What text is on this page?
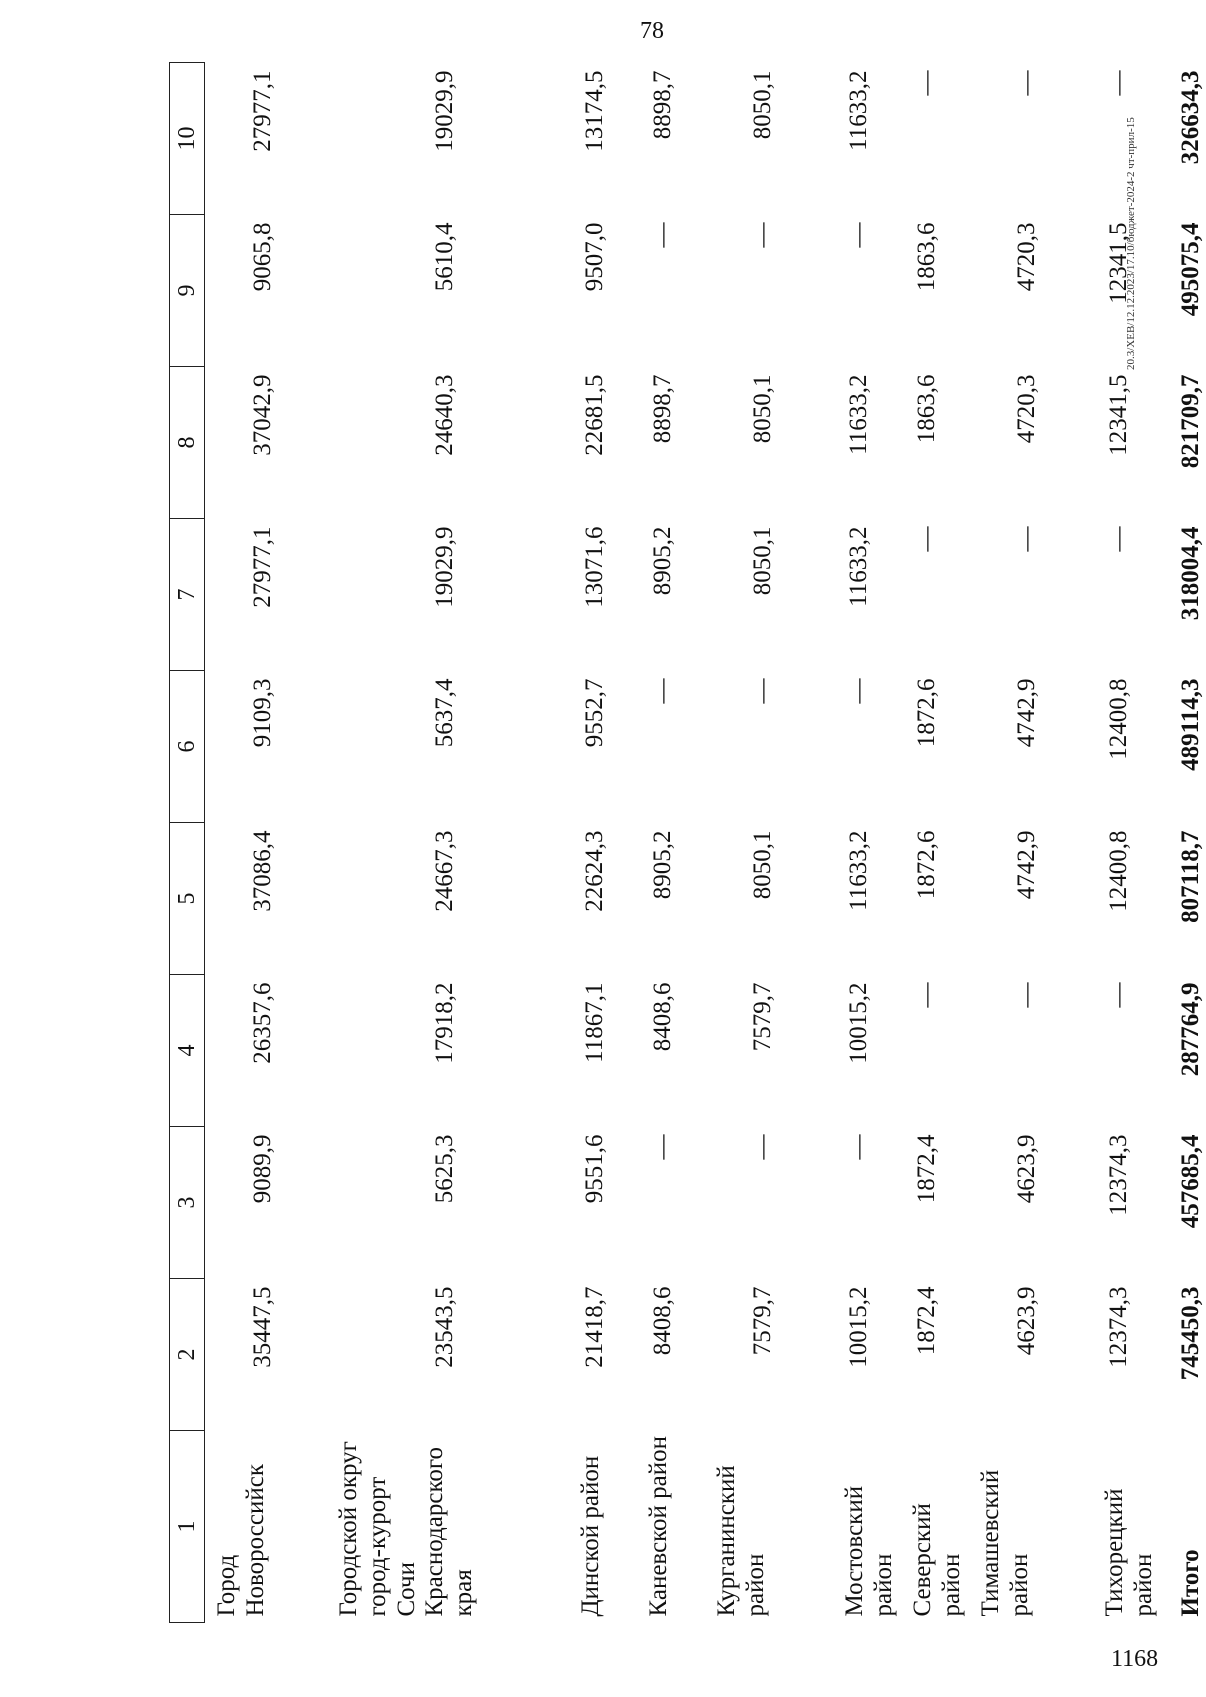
78
20.3/XEB/12.12.2023/17.10/бюджет-2024-2 чт-прил-15
1168
1	2	3	4	5	6	7	8	9	10
Город Новороссийск	35447,5	9089,9	26357,6	37086,4	9109,3	27977,1	37042,9	9065,8	27977,1
Городской округ город-курорт Сочи Краснодарского края	23543,5	5625,3	17918,2	24667,3	5637,4	19029,9	24640,3	5610,4	19029,9
Динской район	21418,7	9551,6	11867,1	22624,3	9552,7	13071,6	22681,5	9507,0	13174,5
Каневской район	8408,6	—	8408,6	8905,2	—	8905,2	8898,7	—	8898,7
Курганинский район	7579,7	—	7579,7	8050,1	—	8050,1	8050,1	—	8050,1
Мостовский район	10015,2	—	10015,2	11633,2	—	11633,2	11633,2	—	11633,2
Северский район	1872,4	1872,4	—	1872,6	1872,6	—	1863,6	1863,6	—
Тимашевский район	4623,9	4623,9	—	4742,9	4742,9	—	4720,3	4720,3	—
Тихорецкий район	12374,3	12374,3	—	12400,8	12400,8	—	12341,5	12341,5	—
Итого	745450,3	457685,4	287764,9	807118,7	489114,3	318004,4	821709,7	495075,4	326634,3
